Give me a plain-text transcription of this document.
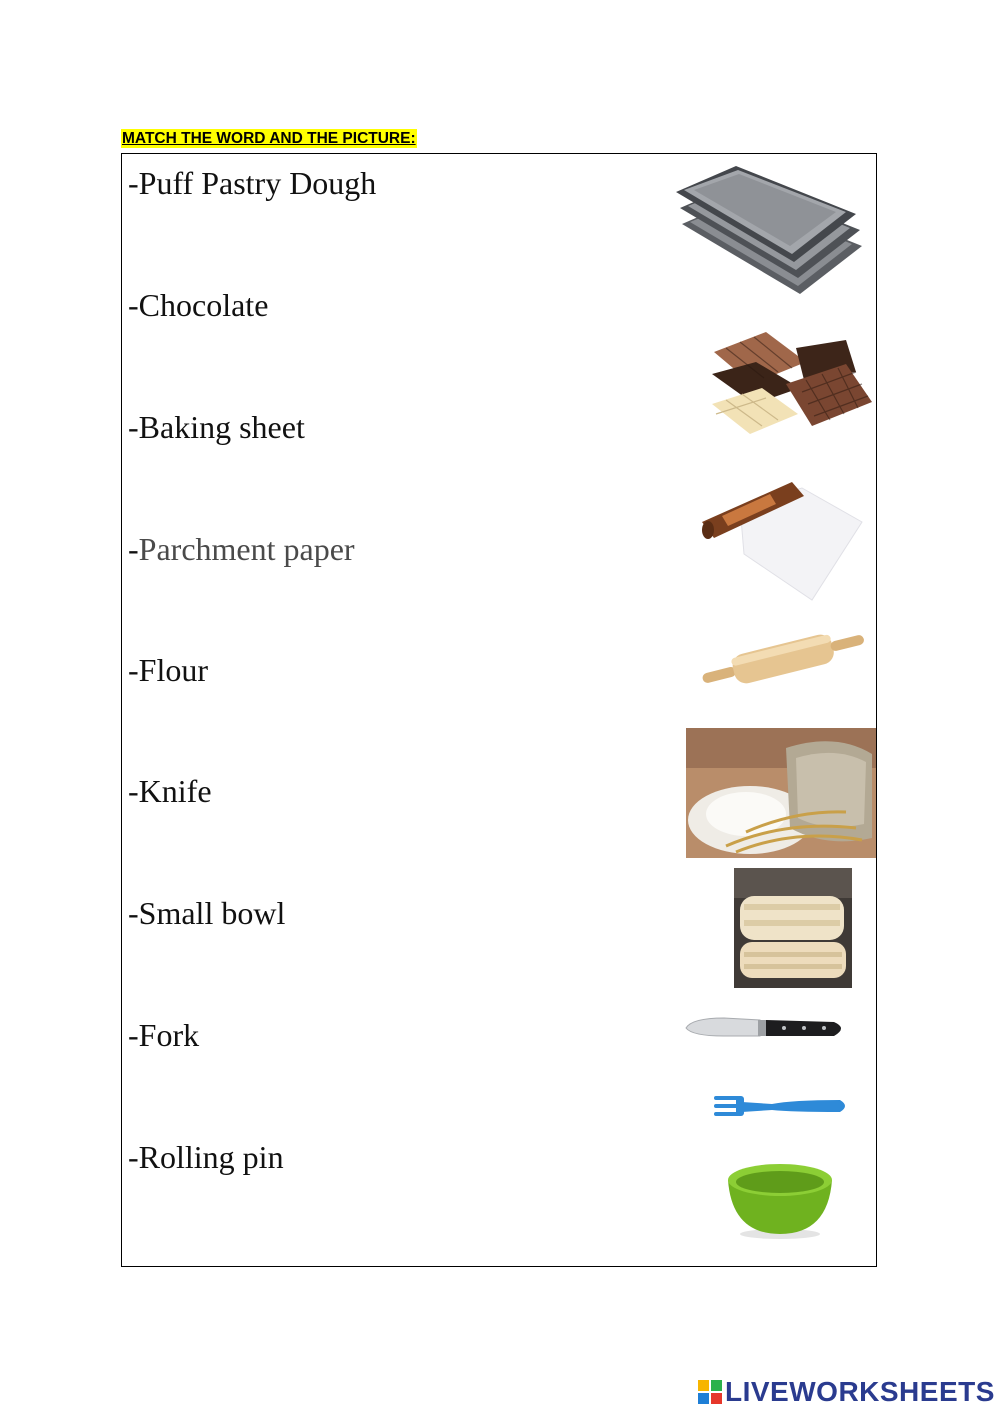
MATCH THE WORD AND THE PICTURE:
-Puff Pastry Dough
-Chocolate
-Baking sheet
-Parchment paper
-Flour
-Knife
-Small bowl
-Fork
-Rolling pin
LIVEWORKSHEETS
